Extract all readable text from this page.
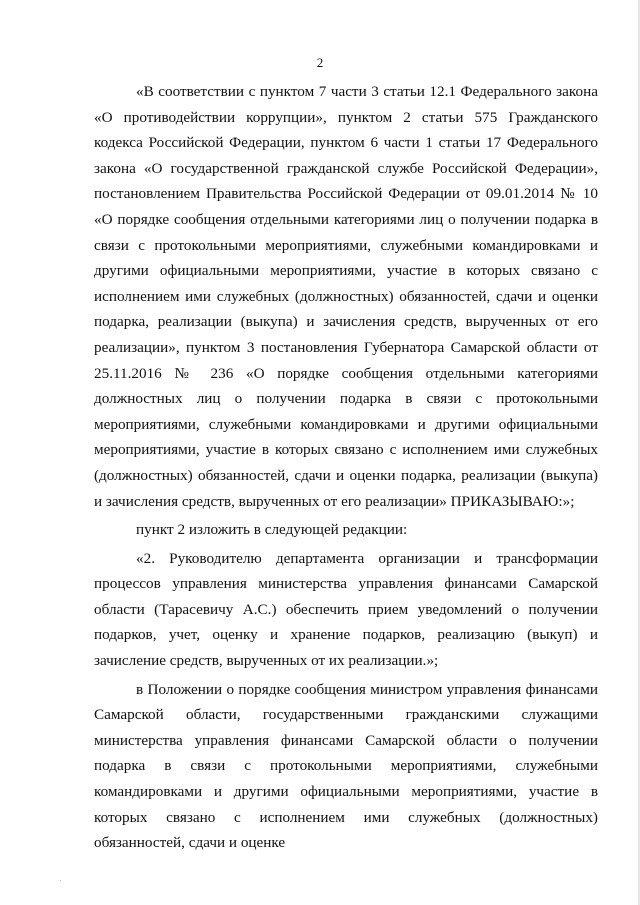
2

«В соответствии с пунктом 7 части 3 статьи 12.1 Федерального закона «О противодействии коррупции», пунктом 2 статьи 575 Гражданского кодекса Российской Федерации, пунктом 6 части 1 статьи 17 Федерального закона «О государственной гражданской службе Российской Федерации», постановлением Правительства Российской Федерации от 09.01.2014 № 10 «О порядке сообщения отдельными категориями лиц о получении подарка в связи с протокольными мероприятиями, служебными командировками и другими официальными мероприятиями, участие в которых связано с исполнением ими служебных (должностных) обязанностей, сдачи и оценки подарка, реализации (выкупа) и зачисления средств, вырученных от его реализации», пунктом 3 постановления Губернатора Самарской области от 25.11.2016 № 236 «О порядке сообщения отдельными категориями должностных лиц о получении подарка в связи с протокольными мероприятиями, служебными командировками и другими официальными мероприятиями, участие в которых связано с исполнением ими служебных (должностных) обязанностей, сдачи и оценки подарка, реализации (выкупа) и зачисления средств, вырученных от его реализации» ПРИКАЗЫВАЮ:»;

пункт 2 изложить в следующей редакции:

«2. Руководителю департамента организации и трансформации процессов управления министерства управления финансами Самарской области (Тарасевичу А.С.) обеспечить прием уведомлений о получении подарков, учет, оценку и хранение подарков, реализацию (выкуп) и зачисление средств, вырученных от их реализации.»;

в Положении о порядке сообщения министром управления финансами Самарской области, государственными гражданскими служащими министерства управления финансами Самарской области о получении подарка в связи с протокольными мероприятиями, служебными командировками и другими официальными мероприятиями, участие в которых связано с исполнением ими служебных (должностных) обязанностей, сдачи и оценке
